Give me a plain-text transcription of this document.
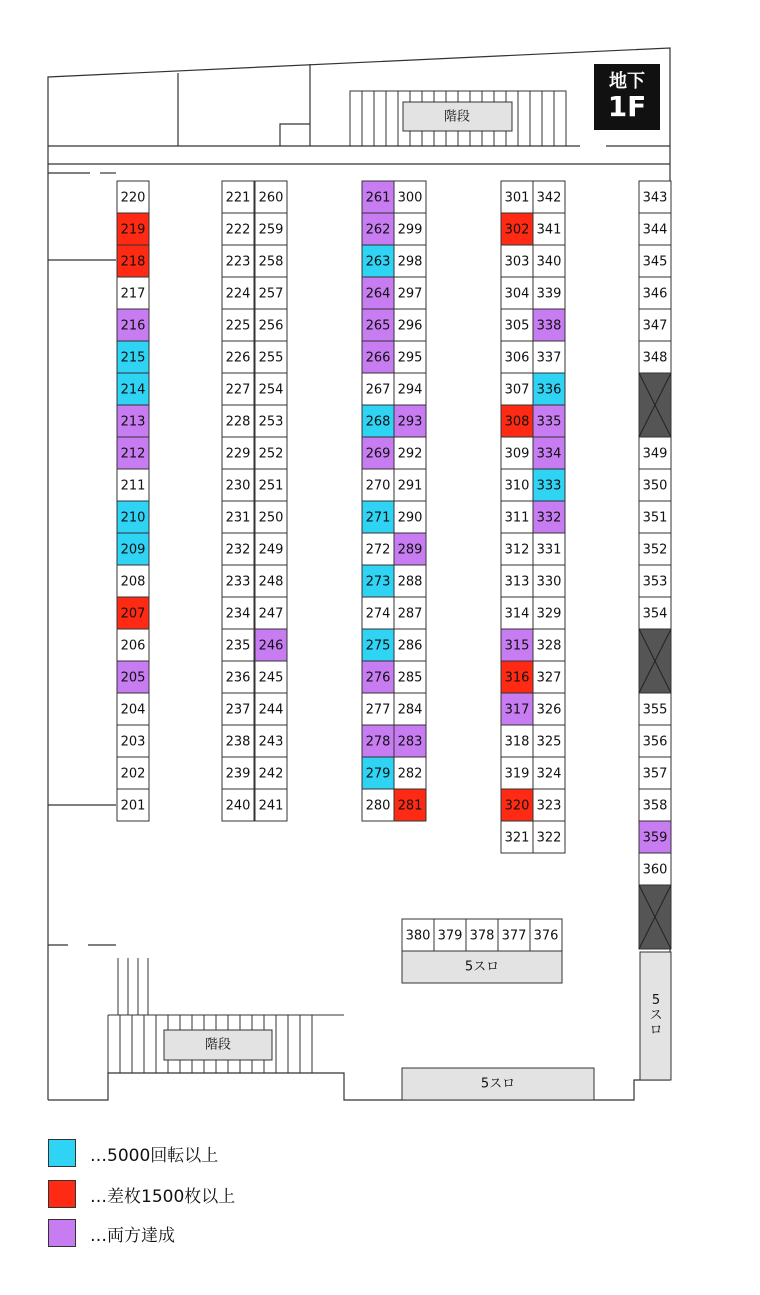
階段
階段
220
219
218
217
216
215
214
213
212
211
210
209
208
207
206
205
204
203
202
201
221
222
223
224
225
226
227
228
229
230
231
232
233
234
235
236
237
238
239
240
260
259
258
257
256
255
254
253
252
251
250
249
248
247
246
245
244
243
242
241
261
262
263
264
265
266
267
268
269
270
271
272
273
274
275
276
277
278
279
280
300
299
298
297
296
295
294
293
292
291
290
289
288
287
286
285
284
283
282
281
301
302
303
304
305
306
307
308
309
310
311
312
313
314
315
316
317
318
319
320
321
342
341
340
339
338
337
336
335
334
333
332
331
330
329
328
327
326
325
324
323
322
343
344
345
346
347
348
349
350
351
352
353
354
355
356
357
358
359
360
380 379 378 377 376
5スロ
5スロ
5 スロ
地下
1F
…5000回転以上
…差枚1500枚以上
…両方達成
